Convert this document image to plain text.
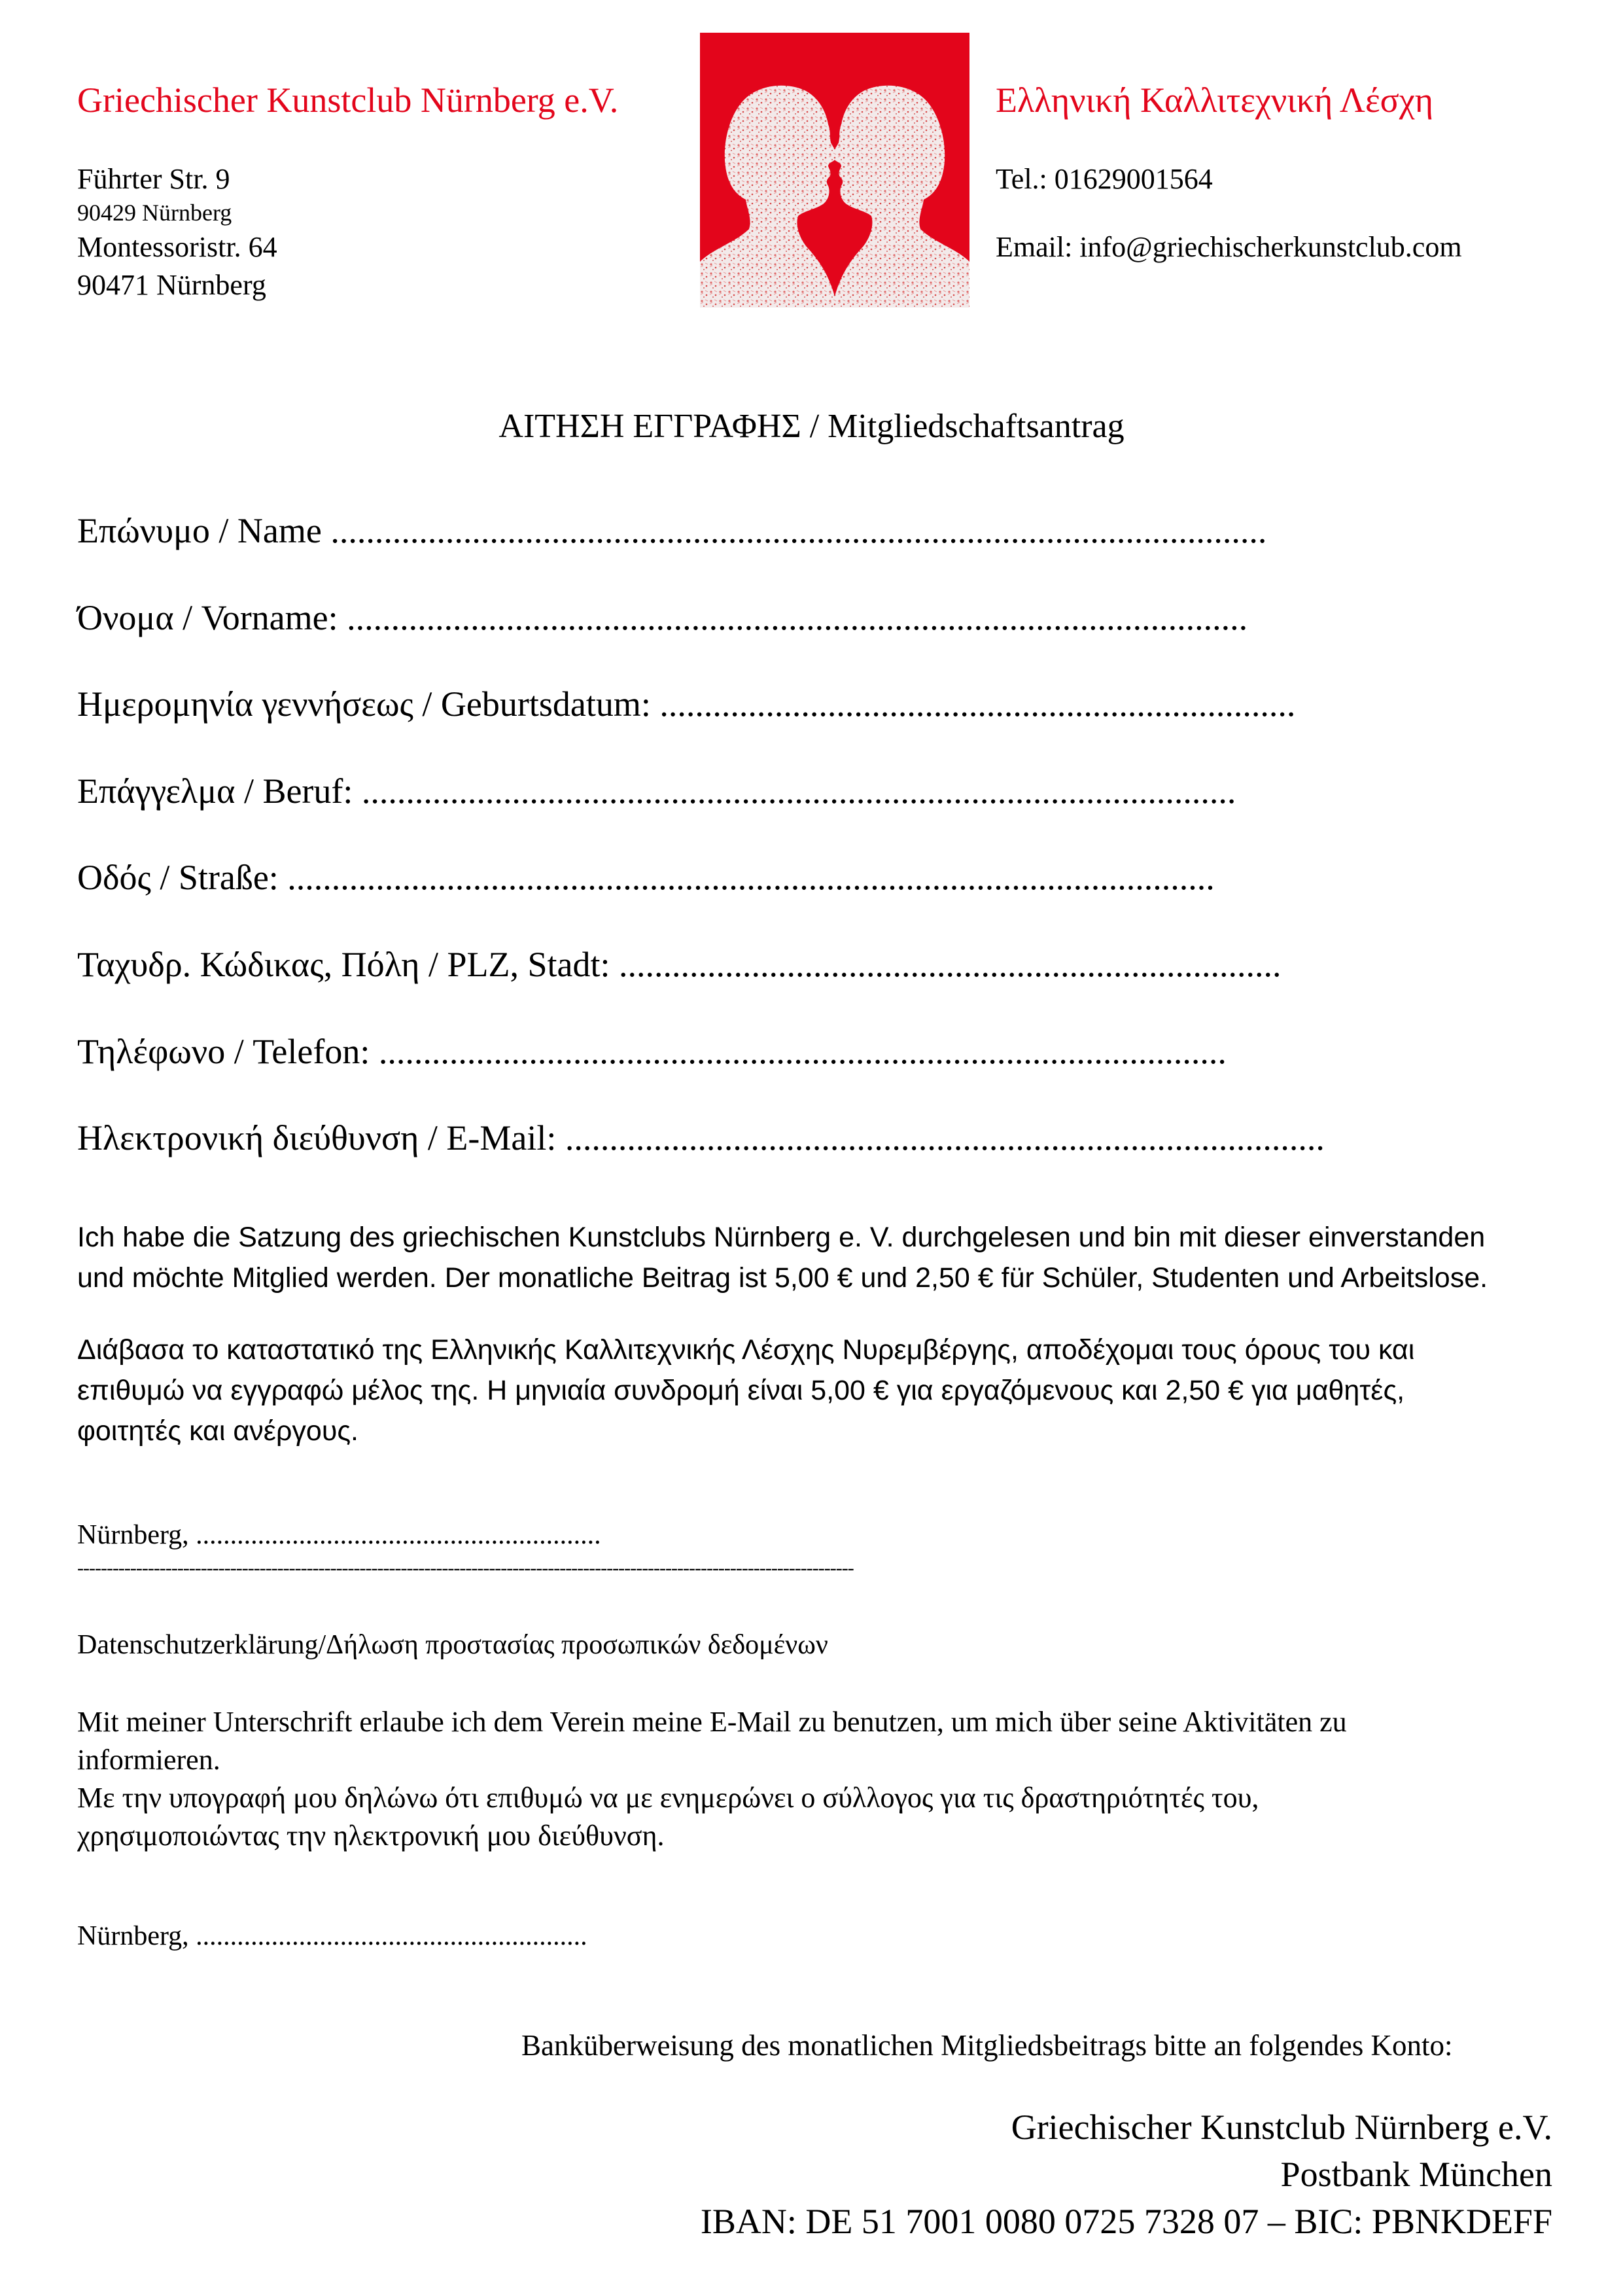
Griechischer Kunstclub Nürnberg e.V.	Ελληνική Καλλιτεχνική Λέσχη
Führter Str. 9
90429 Nürnberg
Montessoristr. 64
90471 Nürnberg
Tel.: 01629001564
Email: info@griechischerkunstclub.com
ΑΙΤΗΣΗ ΕΓΓΡΑΦΗΣ / Mitgliedschaftsantrag
Επώνυμο / Name ..........................................................................................................
Όνομα / Vorname: ......................................................................................................
Ημερομηνία γεννήσεως / Geburtsdatum: ........................................................................
Επάγγελμα / Beruf: ...................................................................................................
Οδός / Straße: .........................................................................................................
Ταχυδρ. Κώδικας, Πόλη / PLZ, Stadt: ...........................................................................
Τηλέφωνο / Telefon: ................................................................................................
Ηλεκτρονική διεύθυνση / E-Mail: ......................................................................................
Ich habe die Satzung des griechischen Kunstclubs Nürnberg e. V. durchgelesen und bin mit dieser einverstanden
und möchte Mitglied werden. Der monatliche Beitrag ist 5,00 € und 2,50 € für Schüler, Studenten und Arbeitslose.
Διάβασα το καταστατικό της Ελληνικής Καλλιτεχνικής Λέσχης Νυρεμβέργης, αποδέχομαι τους όρους του και
επιθυμώ να εγγραφώ μέλος της. Η μηνιαία συνδρομή είναι 5,00 € για εργαζόμενους και 2,50 € για μαθητές,
φοιτητές και ανέργους.
Nürnberg, ...........................................................
------------------------------------------------------------------------------------------------------------------------------------
Datenschutzerklärung/Δήλωση προστασίας προσωπικών δεδομένων
Mit meiner Unterschrift erlaube ich dem Verein meine E-Mail zu benutzen, um mich über seine Aktivitäten zu
informieren.
Με την υπογραφή μου δηλώνω ότι επιθυμώ να με ενημερώνει ο σύλλογος για τις δραστηριότητές του,
χρησιμοποιώντας την ηλεκτρονική μου διεύθυνση.
Nürnberg, .........................................................
Banküberweisung des monatlichen Mitgliedsbeitrags bitte an folgendes Konto:
Griechischer Kunstclub Nürnberg e.V.
Postbank München
IBAN: DE 51 7001 0080 0725 7328 07 – BIC: PBNKDEFF
